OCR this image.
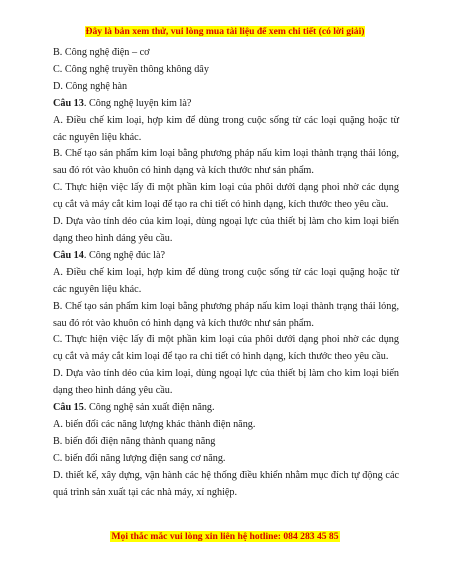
Đây là bản xem thử, vui lòng mua tài liệu để xem chi tiết (có lời giải)

B. Công nghệ điện – cơ

C. Công nghệ truyền thông không dây

D. Công nghệ hàn

Câu 13. Công nghệ luyện kim là?

A. Điều chế kim loại, hợp kim để dùng trong cuộc sống từ các loại quặng hoặc từ các nguyên liệu khác.

B. Chế tạo sản phẩm kim loại bằng phương pháp nấu kim loại thành trạng thái lỏng, sau đó rót vào khuôn có hình dạng và kích thước như sản phẩm.

C. Thực hiện việc lấy đi một phần kim loại của phôi dưới dạng phoi nhờ các dụng cụ cắt và máy cắt kim loại để tạo ra chi tiết có hình dạng, kích thước theo yêu cầu.

D. Dựa vào tính dẻo của kim loại, dùng ngoại lực của thiết bị làm cho kim loại biến dạng theo hình dáng yêu cầu.

Câu 14. Công nghệ đúc là?

A. Điều chế kim loại, hợp kim để dùng trong cuộc sống từ các loại quặng hoặc từ các nguyên liệu khác.

B. Chế tạo sản phẩm kim loại bằng phương pháp nấu kim loại thành trạng thái lỏng, sau đó rót vào khuôn có hình dạng và kích thước như sản phẩm.

C. Thực hiện việc lấy đi một phần kim loại của phôi dưới dạng phoi nhờ các dụng cụ cắt và máy cắt kim loại để tạo ra chi tiết có hình dạng, kích thước theo yêu cầu.

D. Dựa vào tính dẻo của kim loại, dùng ngoại lực của thiết bị làm cho kim loại biến dạng theo hình dáng yêu cầu.

Câu 15. Công nghệ sản xuất điện năng.

A. biến đổi các năng lượng khác thành điện năng.

B. biến đổi điện năng thành quang năng

C. biến đổi năng lượng điện sang cơ năng.

D. thiết kế, xây dựng, vận hành các hệ thống điều khiển nhằm mục đích tự động các quá trình sản xuất tại các nhà máy, xí nghiệp.

Mọi thắc mắc vui lòng xin liên hệ hotline: 084 283 45 85
